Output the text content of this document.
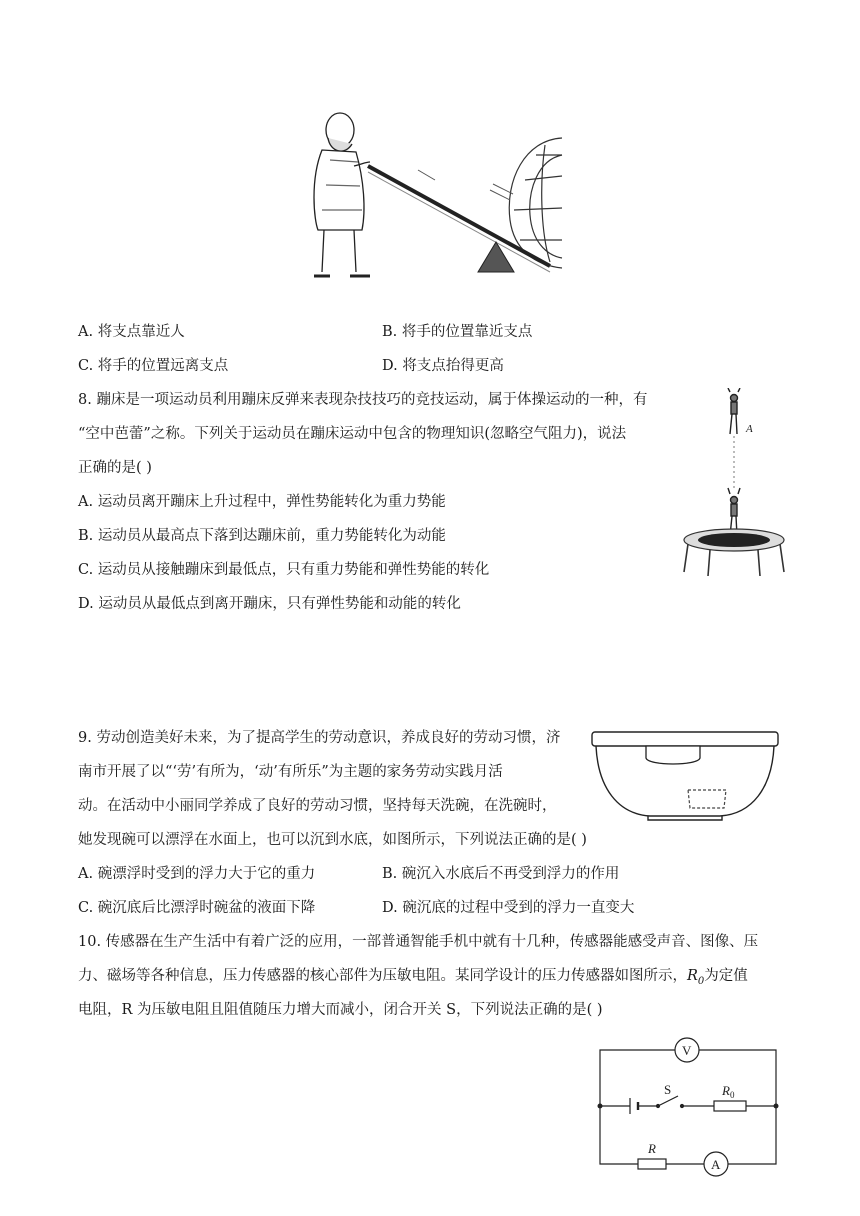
A. 将支点靠近人	B. 将手的位置靠近支点
C. 将手的位置远离支点	D. 将支点抬得更高
8. 蹦床是一项运动员利用蹦床反弹来表现杂技技巧的竞技运动，属于体操运动的一种，有
“空中芭蕾”之称。下列关于运动员在蹦床运动中包含的物理知识(忽略空气阻力)，说法
正确的是( )
A. 运动员离开蹦床上升过程中，弹性势能转化为重力势能
B. 运动员从最高点下落到达蹦床前，重力势能转化为动能
C. 运动员从接触蹦床到最低点，只有重力势能和弹性势能的转化
D. 运动员从最低点到离开蹦床，只有弹性势能和动能的转化
A
9. 劳动创造美好未来，为了提高学生的劳动意识，养成良好的劳动习惯，济
南市开展了以“‘劳’有所为，‘动’有所乐”为主题的家务劳动实践月活
动。在活动中小丽同学养成了良好的劳动习惯，坚持每天洗碗，在洗碗时，
她发现碗可以漂浮在水面上，也可以沉到水底，如图所示，下列说法正确的是( )
A. 碗漂浮时受到的浮力大于它的重力	B. 碗沉入水底后不再受到浮力的作用
C. 碗沉底后比漂浮时碗盆的液面下降	D. 碗沉底的过程中受到的浮力一直变大
10. 传感器在生产生活中有着广泛的应用，一部普通智能手机中就有十几种，传感器能感受声音、图像、压
力、磁场等各种信息，压力传感器的核心部件为压敏电阻。某同学设计的压力传感器如图所示，$R_0$为定值
电阻，R 为压敏电阻且阻值随压力增大而减小，闭合开关 S，下列说法正确的是( )
V
A
S	$R_0$
R
